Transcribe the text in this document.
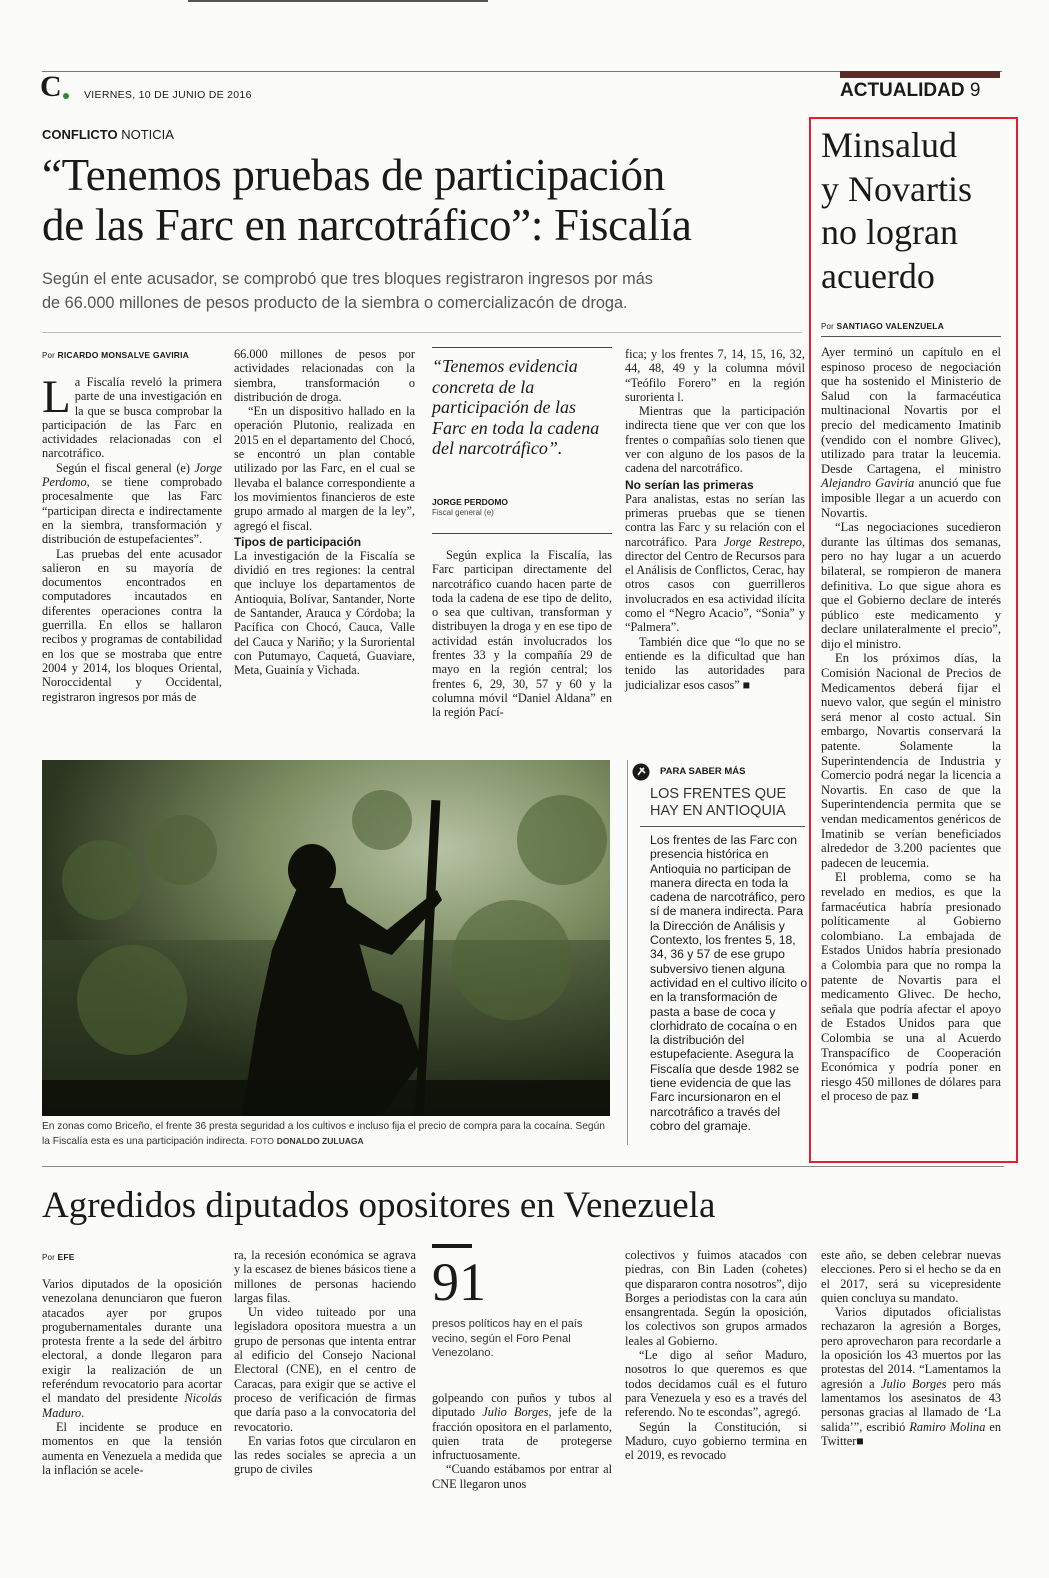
C VIERNES, 10 DE JUNIO DE 2016	ACTUALIDAD 9
CONFLICTO NOTICIA
“Tenemos pruebas de participación
de las Farc en narcotráfico”: Fiscalía
Según el ente acusador, se comprobó que tres bloques registraron ingresos por más
de 66.000 millones de pesos producto de la siembra o comercializacón de droga.
Por RICARDO MONSALVE GAVIRIA

La Fiscalía reveló la primera parte de una investigación en la que se busca comprobar la participación de las Farc en actividades relacionadas con el narcotráfico.

Según el fiscal general (e) Jorge Perdomo, se tiene comprobado procesalmente que las Farc “participan directa e indirectamente en la siembra, transformación y distribución de estupefacientes”.

Las pruebas del ente acusador salieron en su mayoría de documentos encontrados en computadores incautados en diferentes operaciones contra la guerrilla. En ellos se hallaron recibos y programas de contabilidad en los que se mostraba que entre 2004 y 2014, los bloques Oriental, Noroccidental y Occidental, registraron ingresos por más de

66.000 millones de pesos por actividades relacionadas con la siembra, transformación o distribución de droga.

“En un dispositivo hallado en la operación Plutonio, realizada en 2015 en el departamento del Chocó, se encontró un plan contable utilizado por las Farc, en el cual se llevaba el balance correspondiente a los movimientos financieros de este grupo armado al margen de la ley”, agregó el fiscal.

Tipos de participación

La investigación de la Fiscalía se dividió en tres regiones: la central que incluye los departamentos de Antioquia, Bolívar, Santander, Norte de Santander, Arauca y Córdoba; la Pacífica con Chocó, Cauca, Valle del Cauca y Nariño; y la Suroriental con Putumayo, Caquetá, Guaviare, Meta, Guainía y Vichada.

“Tenemos evidencia concreta de la participación de las Farc en toda la cadena del narcotráfico”.
JORGE PERDOMO
Fiscal general (e)

Según explica la Fiscalía, las Farc participan directamente del narcotráfico cuando hacen parte de toda la cadena de ese tipo de delito, o sea que cultivan, transforman y distribuyen la droga y en ese tipo de actividad están involucrados los frentes 33 y la compañía 29 de mayo en la región central; los frentes 6, 29, 30, 57 y 60 y la columna móvil “Daniel Aldana” en la región Pací-

fica; y los frentes 7, 14, 15, 16, 32, 44, 48, 49 y la columna móvil “Teófilo Forero” en la región surorienta l.

Mientras que la participación indirecta tiene que ver con que los frentes o compañías solo tienen que ver con alguno de los pasos de la cadena del narcotráfico.

No serían las primeras

Para analistas, estas no serían las primeras pruebas que se tienen contra las Farc y su relación con el narcotráfico. Para Jorge Restrepo, director del Centro de Recursos para el Análisis de Conflictos, Cerac, hay otros casos con guerrilleros involucrados en esa actividad ilícita como el “Negro Acacio”, “Sonia” y “Palmera”.

También dice que “lo que no se entiende es la dificultad que han tenido las autoridades para judicializar esos casos” ■

En zonas como Briceño, el frente 36 presta seguridad a los cultivos e incluso fija el precio de compra para la cocaína. Según la Fiscalía esta es una participación indirecta. FOTO DONALDO ZULUAGA
PARA SABER MÁS
LOS FRENTES QUE
HAY EN ANTIOQUIA
Los frentes de las Farc con presencia histórica en Antioquia no participan de manera directa en toda la cadena de narcotráfico, pero sí de manera indirecta. Para la Dirección de Análisis y Contexto, los frentes 5, 18, 34, 36 y 57 de ese grupo subversivo tienen alguna actividad en el cultivo ilícito o en la transformación de pasta a base de coca y clorhidrato de cocaína o en la distribución del estupefaciente. Asegura la Fiscalía que desde 1982 se tiene evidencia de que las Farc incursionaron en el narcotráfico a través del cobro del gramaje.
Minsalud
y Novartis
no logran
acuerdo
Por SANTIAGO VALENZUELA

Ayer terminó un capítulo en el espinoso proceso de negociación que ha sostenido el Ministerio de Salud con la farmacéutica multinacional Novartis por el precio del medicamento Imatinib (vendido con el nombre Glivec), utilizado para tratar la leucemia. Desde Cartagena, el ministro Alejandro Gaviria anunció que fue imposible llegar a un acuerdo con Novartis.

“Las negociaciones sucedieron durante las últimas dos semanas, pero no hay lugar a un acuerdo bilateral, se rompieron de manera definitiva. Lo que sigue ahora es que el Gobierno declare de interés público este medicamento y declare unilateralmente el precio”, dijo el ministro.

En los próximos días, la Comisión Nacional de Precios de Medicamentos deberá fijar el nuevo valor, que según el ministro será menor al costo actual. Sin embargo, Novartis conservará la patente. Solamente la Superintendencia de Industria y Comercio podrá negar la licencia a Novartis. En caso de que la Superintendencia permita que se vendan medicamentos genéricos de Imatinib se verían beneficiados alrededor de 3.200 pacientes que padecen de leucemia.

El problema, como se ha revelado en medios, es que la farmacéutica habría presionado políticamente al Gobierno colombiano. La embajada de Estados Unidos habría presionado a Colombia para que no rompa la patente de Novartis para el medicamento Glivec. De hecho, señala que podría afectar el apoyo de Estados Unidos para que Colombia se una al Acuerdo Transpacífico de Cooperación Económica y podría poner en riesgo 450 millones de dólares para el proceso de paz ■

Agredidos diputados opositores en Venezuela
Por EFE

Varios diputados de la oposición venezolana denunciaron que fueron atacados ayer por grupos progubernamentales durante una protesta frente a la sede del árbitro electoral, a donde llegaron para exigir la realización de un referéndum revocatorio para acortar el mandato del presidente Nicolás Maduro.

El incidente se produce en momentos en que la tensión aumenta en Venezuela a medida que la inflación se acele-

ra, la recesión económica se agrava y la escasez de bienes básicos tiene a millones de personas haciendo largas filas.

Un video tuiteado por una legisladora opositora muestra a un grupo de personas que intenta entrar al edificio del Consejo Nacional Electoral (CNE), en el centro de Caracas, para exigir que se active el proceso de verificación de firmas que daría paso a la convocatoria del revocatorio.

En varias fotos que circularon en las redes sociales se aprecia a un grupo de civiles

91
presos políticos hay en el país vecino, según el Foro Penal Venezolano.

golpeando con puños y tubos al diputado Julio Borges, jefe de la fracción opositora en el parlamento, quien trata de protegerse infructuosamente.

“Cuando estábamos por entrar al CNE llegaron unos

colectivos y fuimos atacados con piedras, con Bin Laden (cohetes) que dispararon contra nosotros”, dijo Borges a periodistas con la cara aún ensangrentada. Según la oposición, los colectivos son grupos armados leales al Gobierno.

“Le digo al señor Maduro, nosotros lo que queremos es que todos decidamos cuál es el futuro para Venezuela y eso es a través del referendo. No te escondas”, agregó.

Según la Constitución, si Maduro, cuyo gobierno termina en el 2019, es revocado

este año, se deben celebrar nuevas elecciones. Pero si el hecho se da en el 2017, será su vicepresidente quien concluya su mandato.

Varios diputados oficialistas rechazaron la agresión a Borges, pero aprovecharon para recordarle a la oposición los 43 muertos por las protestas del 2014. “Lamentamos la agresión a Julio Borges pero más lamentamos los asesinatos de 43 personas gracias al llamado de ‘La salida’”, escribió Ramiro Molina en Twitter■
